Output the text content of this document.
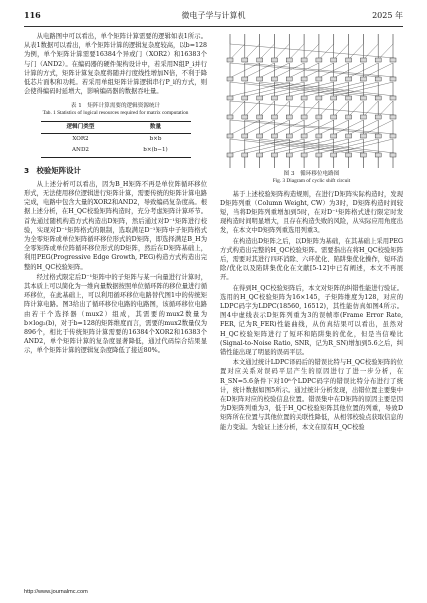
116	微电子学与计算机	2025 年

从电路图中可以看出，单个矩阵计算需要的逻辑如表1所示。从表1数据可以看出，单个矩阵计算的逻辑复杂度较高，以b=128为例，单个矩阵计算需要16384个异或门（XOR2）和16383个与门（AND2）。在编码器的硬件架构设计中，若采用N组P_i并行计算的方式，矩阵计算复杂度将随并行度线性增加N倍，不利于降低芯片面积和功耗。若采用单组矩阵计算逻辑串行P_i的方式，则会使得编码时延增大，影响编码器的数据吞吐量。

表 1　矩阵计算需要的逻辑资源统计
Tab. 1 Statistics of logical resources required for matrix computation
逻辑门类型	数量
XOR2	b×b
AND2	b×(b−1)
3　校验矩阵设计

从上述分析可以看出，因为B_H矩阵不再是单位阵循环移位形式，无法使用移位逻辑进行矩阵计算，需要传统的矩阵计算电路完成，电路中包含大量的XOR2和AND2，导致编码复杂度高。根据上述分析，在H_QC校验矩阵构造时，充分考虑矩阵计算环节。首先通过随机构造方式构造出D矩阵，然后通过对D⁻¹矩阵进行校验，实现对D⁻¹矩阵格式的限制，选取满足D⁻¹矩阵中子矩阵格式为全零矩阵或单位矩阵循环移位形式的D矩阵，即选择满足B_H为全零矩阵或单位阵循环移位形式的D矩阵，然后在D矩阵基础上，利用PEG(Progressive Edge Growth, PEG)构造方式构造出完整的H_QC校验矩阵。

经过格式限定后D⁻¹矩阵中的子矩阵与某一向量进行计算时，其本质上可以简化为一维向量数据按照单位循环阵的移位量进行循环移位，在此基础上，可以利用循环移位电路替代图1中的传统矩阵计算电路。图3给出了循环移位电路的电路图，该循环移位电路由若干个选择器（mux2）组成，其需要的mux2数量为b×log₂(b)，对于b=128的矩阵维度而言，需要的mux2数量仅为896个，相比于传统矩阵计算需要的16384个XOR2和16383个AND2，单个矩阵计算的复杂度显著降低，通过代码综合结果显示，单个矩阵计算的逻辑复杂度降低了接近80%。

图 3　循环移位电路图
Fig. 3 Diagram of cyclic shift circuit

基于上述校验矩阵构造规则，在进行D矩阵实际构造时，发现D矩阵列重（Column Weight, CW）为3时，D矩阵构造时间较短，当将D矩阵列重增加到5时，在对D⁻¹矩阵格式进行限定时发现构造时间明显增大，且存在构造失败的风险，从实际应用角度出发，在本文中D矩阵列重选用列重3。

在构造出D矩阵之后，以D矩阵为基础，在其基础上采用PEG方式构造出完整的H_QC校验矩阵。需要指出在将H_QC校验矩阵后，需要对其进行四环消除、六环优化、陷阱集优化操作，短环消除/优化以及陷阱集优化在文献[5-12]中已有阐述，本文不再展开。

在得到H_QC校验矩阵后，本文对矩阵的纠错性能进行验证。选用的H_QC校验矩阵为16×145，子矩阵维度为128，对应的LDPC码字为LDPC(18560, 16512)，其性能仿真如图4所示。图4中虚线表示D矩阵列重为3的误帧率(Frame Error Rate, FER, 记为R_FER)性能曲线，从仿真结果可以看出，虽然对H_QC校验矩阵进行了短环和陷阱集的优化，但是当信噪比(Signal-to-Noise Ratio, SNR，记为R_SN)增加到5.6之后，纠错性能出现了明显的误码平层。

本文通过统计LDPC译码后的错误比特与H_QC校验矩阵的位置对应关系对误码平层产生的原因进行了进一步分析，在R_SN=5.6条件下对10⁸个LDPC码字的错误比特分布进行了统计，统计数据如图5所示。通过统计分析发现，出错位置主要集中在D矩阵对应的校验信息位置。错误集中在D矩阵的原因主要是因为D矩阵列重为3，低于H_QC校验矩阵其他位置的列重，导致D矩阵所在位置与其他位置的关联性降低，从相邻校验点获取信息的能力变弱。为验证上述分析，本文在原有H_QC校验

http://www.journalmc.com
